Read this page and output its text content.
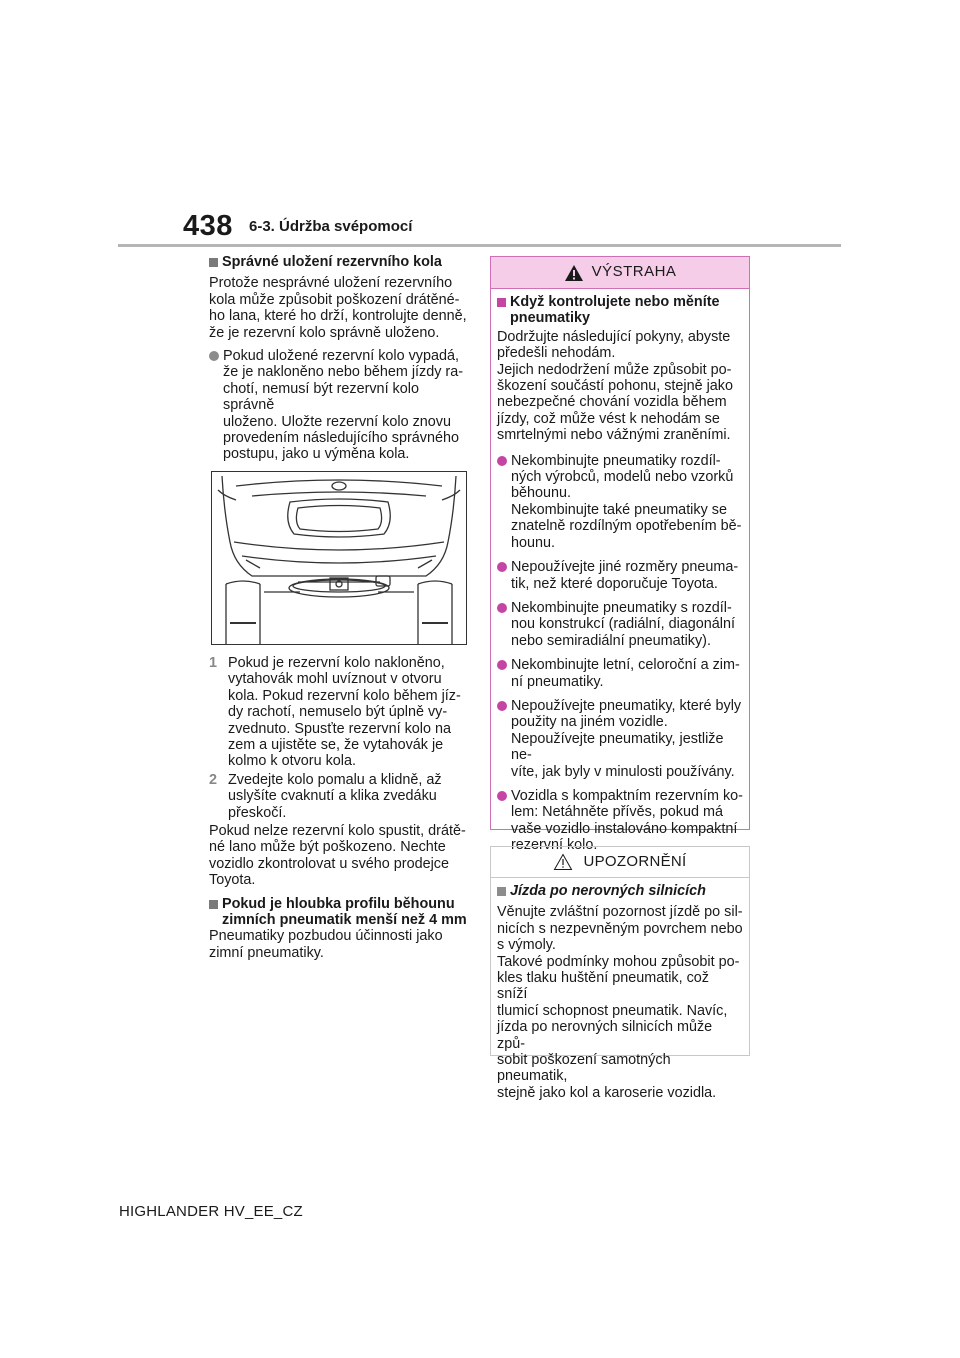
438 6-3. Údržba svépomocí
Správné uložení rezervního kola
Protože nesprávné uložení rezervního
kola může způsobit poškození drátěné-
ho lana, které ho drží, kontrolujte denně,
že je rezervní kolo správně uloženo.
Pokud uložené rezervní kolo vypadá,
že je nakloněno nebo během jízdy ra-
chotí, nemusí být rezervní kolo správně
uloženo. Uložte rezervní kolo znovu
provedením následujícího správného
postupu, jako u výměna kola.
1 Pokud je rezervní kolo nakloněno,
vytahovák mohl uvíznout v otvoru
kola. Pokud rezervní kolo během jíz-
dy rachotí, nemuselo být úplně vy-
zvednuto. Spusťte rezervní kolo na
zem a ujistěte se, že vytahovák je
kolmo k otvoru kola.
2 Zvedejte kolo pomalu a klidně, až
uslyšíte cvaknutí a klika zvedáku
přeskočí.
Pokud nelze rezervní kolo spustit, drátě-
né lano může být poškozeno. Nechte
vozidlo zkontrolovat u svého prodejce
Toyota.
Pokud je hloubka profilu běhounu
zimních pneumatik menší než 4 mm
Pneumatiky pozbudou účinnosti jako
zimní pneumatiky.
VÝSTRAHA
Když kontrolujete nebo měníte
pneumatiky
Dodržujte následující pokyny, abyste
předešli nehodám.
Jejich nedodržení může způsobit po-
škození součástí pohonu, stejně jako
nebezpečné chování vozidla během
jízdy, což může vést k nehodám se
smrtelnými nebo vážnými zraněními.
Nekombinujte pneumatiky rozdíl-
ných výrobců, modelů nebo vzorků
běhounu.
Nekombinujte také pneumatiky se
znatelně rozdílným opotřebením bě-
hounu.
Nepoužívejte jiné rozměry pneuma-
tik, než které doporučuje Toyota.
Nekombinujte pneumatiky s rozdíl-
nou konstrukcí (radiální, diagonální
nebo semiradiální pneumatiky).
Nekombinujte letní, celoroční a zim-
ní pneumatiky.
Nepoužívejte pneumatiky, které byly
použity na jiném vozidle.
Nepoužívejte pneumatiky, jestliže ne-
víte, jak byly v minulosti používány.
Vozidla s kompaktním rezervním ko-
lem: Netáhněte přívěs, pokud má
vaše vozidlo instalováno kompaktní
rezervní kolo.
UPOZORNĚNÍ
Jízda po nerovných silnicích
Věnujte zvláštní pozornost jízdě po sil-
nicích s nezpevněným povrchem nebo
s výmoly.
Takové podmínky mohou způsobit po-
kles tlaku huštění pneumatik, což sníží
tlumicí schopnost pneumatik. Navíc,
jízda po nerovných silnicích může způ-
sobit poškození samotných pneumatik,
stejně jako kol a karoserie vozidla.
HIGHLANDER HV_EE_CZ
